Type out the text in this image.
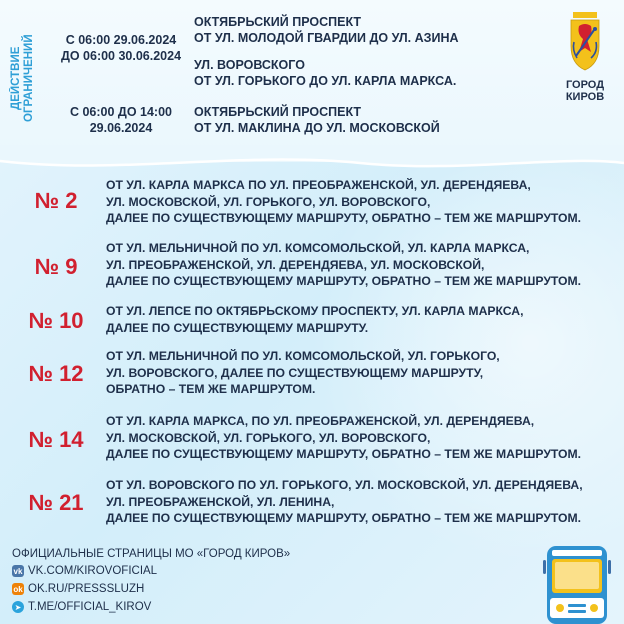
ДЕЙСТВИЕ
ОГРАНИЧЕНИЙ	С 06:00 29.06.2024
ДО 06:00 30.06.2024
ОКТЯБРЬСКИЙ ПРОСПЕКТ
ОТ УЛ. МОЛОДОЙ ГВАРДИИ ДО УЛ. АЗИНА
УЛ. ВОРОВСКОГО
ОТ УЛ. ГОРЬКОГО ДО УЛ. КАРЛА МАРКСА.
С 06:00 ДО 14:00
29.06.2024
ОКТЯБРЬСКИЙ ПРОСПЕКТ
ОТ УЛ. МАКЛИНА ДО УЛ. МОСКОВСКОЙ
ГОРОД
КИРОВ
№ 2
ОТ УЛ. КАРЛА МАРКСА ПО УЛ. ПРЕОБРАЖЕНСКОЙ, УЛ. ДЕРЕНДЯЕВА,
УЛ. МОСКОВСКОЙ, УЛ. ГОРЬКОГО, УЛ. ВОРОВСКОГО,
ДАЛЕЕ ПО СУЩЕСТВУЮЩЕМУ МАРШРУТУ, ОБРАТНО – ТЕМ ЖЕ МАРШРУТОМ.
№ 9
ОТ УЛ. МЕЛЬНИЧНОЙ ПО УЛ. КОМСОМОЛЬСКОЙ, УЛ. КАРЛА МАРКСА,
УЛ. ПРЕОБРАЖЕНСКОЙ, УЛ. ДЕРЕНДЯЕВА, УЛ. МОСКОВСКОЙ,
ДАЛЕЕ ПО СУЩЕСТВУЮЩЕМУ МАРШРУТУ, ОБРАТНО – ТЕМ ЖЕ МАРШРУТОМ.
№ 10	ОТ УЛ. ЛЕПСЕ ПО ОКТЯБРЬСКОМУ ПРОСПЕКТУ, УЛ. КАРЛА МАРКСА,
ДАЛЕЕ ПО СУЩЕСТВУЮЩЕМУ МАРШРУТУ.
№ 12
ОТ УЛ. МЕЛЬНИЧНОЙ ПО УЛ. КОМСОМОЛЬСКОЙ, УЛ. ГОРЬКОГО,
УЛ. ВОРОВСКОГО, ДАЛЕЕ ПО СУЩЕСТВУЮЩЕМУ МАРШРУТУ,
ОБРАТНО – ТЕМ ЖЕ МАРШРУТОМ.
№ 14
ОТ УЛ. КАРЛА МАРКСА, ПО УЛ. ПРЕОБРАЖЕНСКОЙ, УЛ. ДЕРЕНДЯЕВА,
УЛ. МОСКОВСКОЙ, УЛ. ГОРЬКОГО, УЛ. ВОРОВСКОГО,
ДАЛЕЕ ПО СУЩЕСТВУЮЩЕМУ МАРШРУТУ, ОБРАТНО – ТЕМ ЖЕ МАРШРУТОМ.
№ 21
ОТ УЛ. ВОРОВСКОГО ПО УЛ. ГОРЬКОГО, УЛ. МОСКОВСКОЙ, УЛ. ДЕРЕНДЯЕВА,
УЛ. ПРЕОБРАЖЕНСКОЙ, УЛ. ЛЕНИНА,
ДАЛЕЕ ПО СУЩЕСТВУЮЩЕМУ МАРШРУТУ, ОБРАТНО – ТЕМ ЖЕ МАРШРУТОМ.
ОФИЦИАЛЬНЫЕ СТРАНИЦЫ МО «ГОРОД КИРОВ»
vk VK.COM/KIROVOFICIAL
ok OK.RU/PRESSSLUZH
➤ T.ME/OFFICIAL_KIROV
